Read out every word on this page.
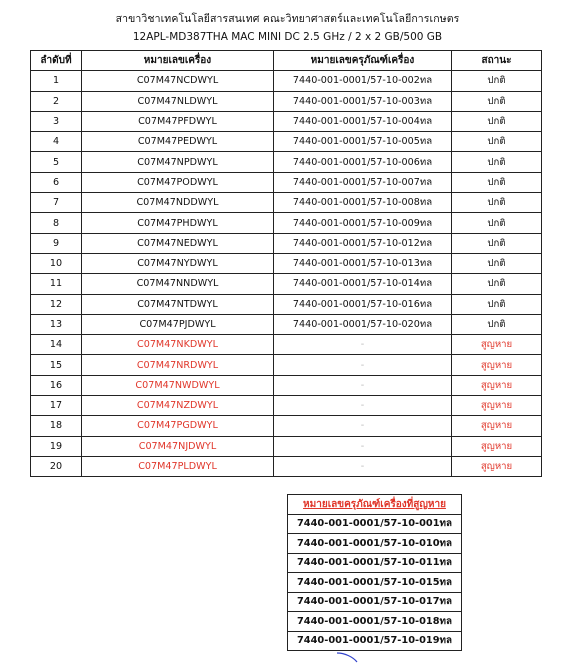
สาขาวิชาเทคโนโลยีสารสนเทศ คณะวิทยาศาสตร์และเทคโนโลยีการเกษตร
12APL-MD387THA MAC MINI DC 2.5 GHz / 2 x 2 GB/500 GB
ลำดับที่	หมายเลขเครื่อง	หมายเลขครุภัณฑ์เครื่อง	สถานะ
1	C07M47NCDWYL	7440-001-0001/57-10-002ทล	ปกติ
2	C07M47NLDWYL	7440-001-0001/57-10-003ทล	ปกติ
3	C07M47PFDWYL	7440-001-0001/57-10-004ทล	ปกติ
4	C07M47PEDWYL	7440-001-0001/57-10-005ทล	ปกติ
5	C07M47NPDWYL	7440-001-0001/57-10-006ทล	ปกติ
6	C07M47PODWYL	7440-001-0001/57-10-007ทล	ปกติ
7	C07M47NDDWYL	7440-001-0001/57-10-008ทล	ปกติ
8	C07M47PHDWYL	7440-001-0001/57-10-009ทล	ปกติ
9	C07M47NEDWYL	7440-001-0001/57-10-012ทล	ปกติ
10	C07M47NYDWYL	7440-001-0001/57-10-013ทล	ปกติ
11	C07M47NNDWYL	7440-001-0001/57-10-014ทล	ปกติ
12	C07M47NTDWYL	7440-001-0001/57-10-016ทล	ปกติ
13	C07M47PJDWYL	7440-001-0001/57-10-020ทล	ปกติ
14	C07M47NKDWYL	-	สูญหาย
15	C07M47NRDWYL	-	สูญหาย
16	C07M47NWDWYL	-	สูญหาย
17	C07M47NZDWYL	-	สูญหาย
18	C07M47PGDWYL	-	สูญหาย
19	C07M47NJDWYL	-	สูญหาย
20	C07M47PLDWYL	-	สูญหาย
หมายเลขครุภัณฑ์เครื่องที่สูญหาย
7440-001-0001/57-10-001ทล
7440-001-0001/57-10-010ทล
7440-001-0001/57-10-011ทล
7440-001-0001/57-10-015ทล
7440-001-0001/57-10-017ทล
7440-001-0001/57-10-018ทล
7440-001-0001/57-10-019ทล
